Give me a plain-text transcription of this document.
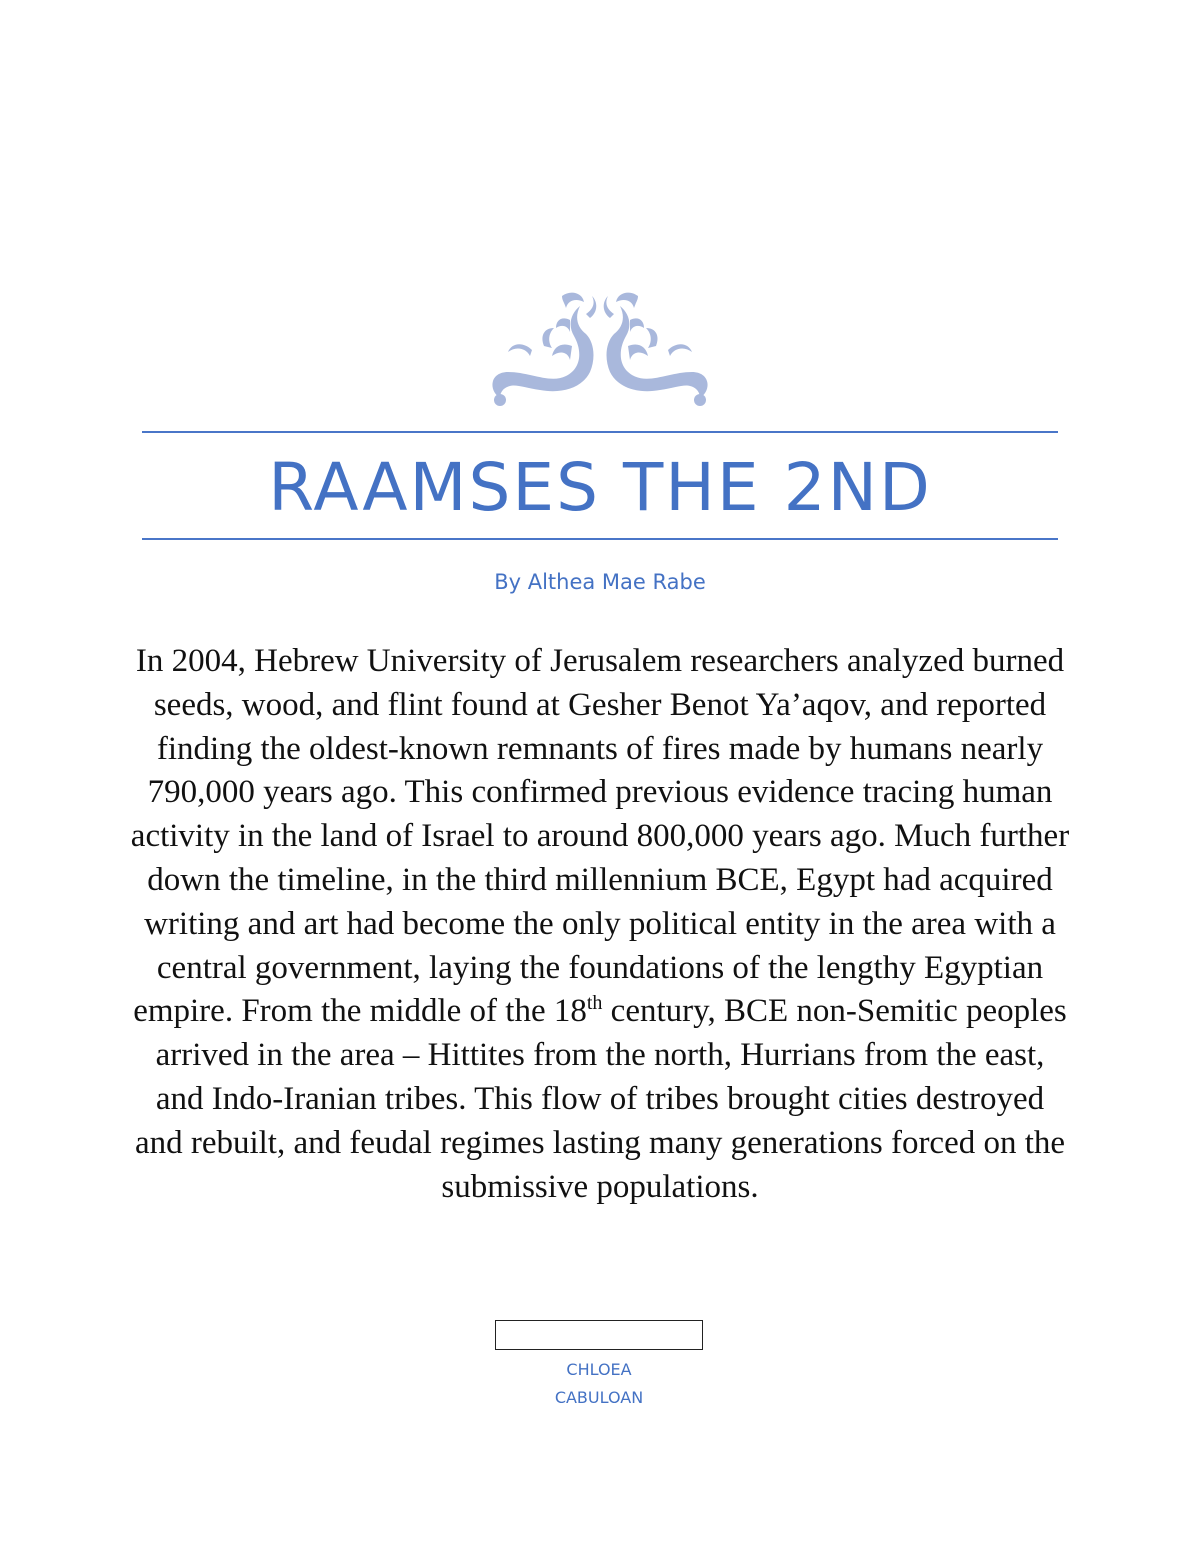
RAAMSES THE 2ND
By Althea Mae Rabe

In 2004, Hebrew University of Jerusalem researchers analyzed burned seeds, wood, and flint found at Gesher Benot Ya’aqov, and reported finding the oldest-known remnants of fires made by humans nearly 790,000 years ago. This confirmed previous evidence tracing human activity in the land of Israel to around 800,000 years ago. Much further down the timeline, in the third millennium BCE, Egypt had acquired writing and art had become the only political entity in the area with a central government, laying the foundations of the lengthy Egyptian empire. From the middle of the 18th century, BCE non-Semitic peoples arrived in the area – Hittites from the north, Hurrians from the east, and Indo-Iranian tribes. This flow of tribes brought cities destroyed and rebuilt, and feudal regimes lasting many generations forced on the submissive populations.

CHLOEA
CABULOAN
